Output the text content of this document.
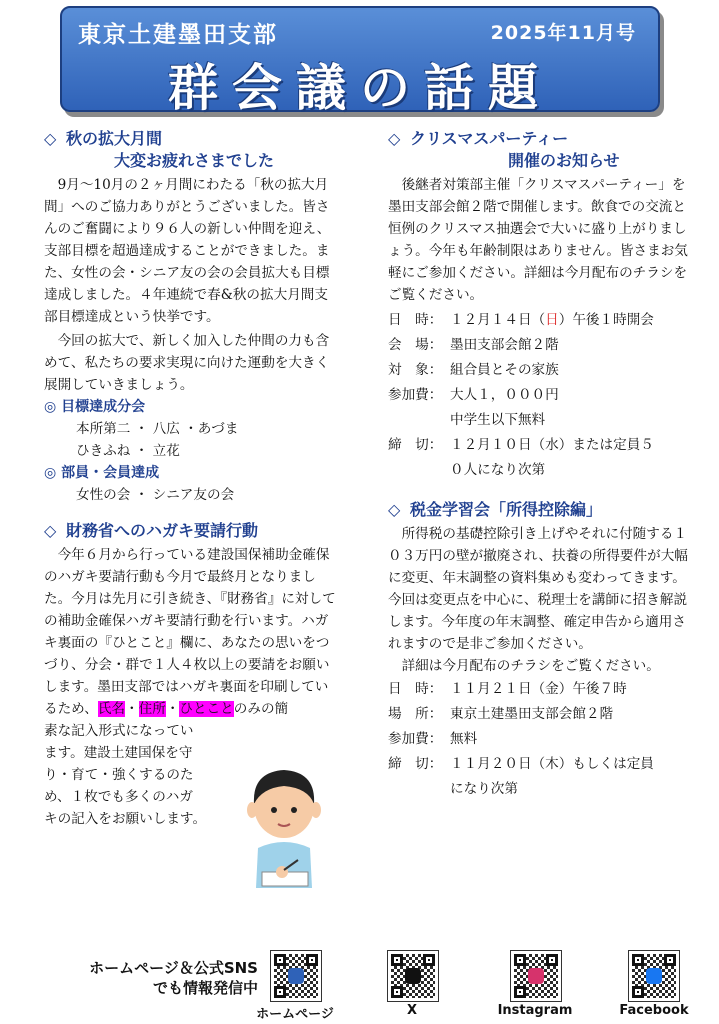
東京土建墨田支部	2025年11月号
群会議の話題
◇ 秋の拡大月間
大変お疲れさまでした

9月～10月の２ヶ月間にわたる「秋の拡大月間」へのご協力ありがとうございました。皆さんのご奮闘により９６人の新しい仲間を迎え、支部目標を超過達成することができました。また、女性の会・シニア友の会の会員拡大も目標達成しました。４年連続で春&秋の拡大月間支部目標達成という快挙です。

今回の拡大で、新しく加入した仲間の力も含めて、私たちの要求実現に向けた運動を大きく展開していきましょう。

◎ 目標達成分会
本所第二 ・ 八広 ・あづま
ひきふね ・ 立花
◎ 部員・会員達成
女性の会 ・ シニア友の会
◇ 財務省へのハガキ要請行動

今年６月から行っている建設国保補助金確保のハガキ要請行動も今月で最終月となりました。今月は先月に引き続き、『財務省』に対しての補助金確保ハガキ要請行動を行います。ハガキ裏面の『ひとこと』欄に、あなたの思いをつづり、分会・群で１人４枚以上の要請をお願いします。墨田支部ではハガキ裏面を印刷しているため、氏名・住所・ひとことのみの簡

素な記入形式になってい
ます。建設土建国保を守
り・育て・強くするのた
め、１枚でも多くのハガ
キの記入をお願いします。
◇ クリスマスパーティー
開催のお知らせ

後継者対策部主催「クリスマスパーティー」を墨田支部会館２階で開催します。飲食での交流と恒例のクリスマス抽選会で大いに盛り上がりましょう。今年も年齢制限はありません。皆さまお気軽にご参加ください。詳細は今月配布のチラシをご覧ください。

日　時： １２月１４日（日）午後１時開会
会　場： 墨田支部会館２階
対　象： 組合員とその家族
参加費： 大人１，０００円
中学生以下無料
締　切： １２月１０日（水）または定員５
０人になり次第
◇ 税金学習会「所得控除編」

所得税の基礎控除引き上げやそれに付随する１０３万円の壁が撤廃され、扶養の所得要件が大幅に変更、年末調整の資料集めも変わってきます。今回は変更点を中心に、税理士を講師に招き解説します。今年度の年末調整、確定申告から適用されますので是非ご参加ください。

詳細は今月配布のチラシをご覧ください。

日　時： １１月２１日（金）午後７時
場　所： 東京土建墨田支部会館２階
参加費： 無料
締　切： １１月２０日（木）もしくは定員
になり次第
ホームページ＆公式SNS
でも情報発信中
ホームページ	X	Instagram	Facebook
